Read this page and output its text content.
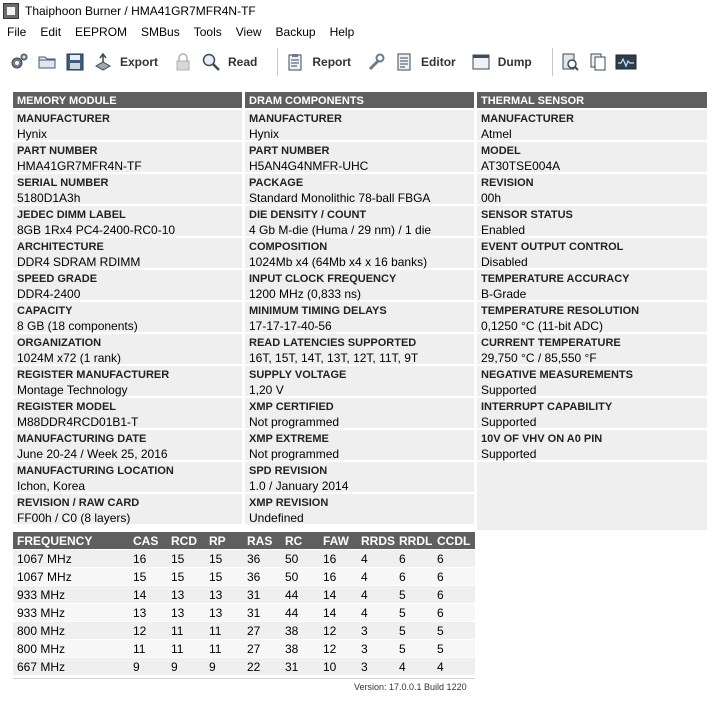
Thaiphoon Burner / HMA41GR7MFR4N-TF
File	Edit	EEPROM	SMBus	Tools	View	Backup	Help
Export	Read	Report	Editor	Dump
MEMORY MODULE
MANUFACTURER
Hynix
PART NUMBER
HMA41GR7MFR4N-TF
SERIAL NUMBER
5180D1A3h
JEDEC DIMM LABEL
8GB 1Rx4 PC4-2400-RC0-10
ARCHITECTURE
DDR4 SDRAM RDIMM
SPEED GRADE
DDR4-2400
CAPACITY
8 GB (18 components)
ORGANIZATION
1024M x72 (1 rank)
REGISTER MANUFACTURER
Montage Technology
REGISTER MODEL
M88DDR4RCD01B1-T
MANUFACTURING DATE
June 20-24 / Week 25, 2016
MANUFACTURING LOCATION
Ichon, Korea
REVISION / RAW CARD
FF00h / C0 (8 layers)
DRAM COMPONENTS
MANUFACTURER
Hynix
PART NUMBER
H5AN4G4NMFR-UHC
PACKAGE
Standard Monolithic 78-ball FBGA
DIE DENSITY / COUNT
4 Gb M-die (Huma / 29 nm) / 1 die
COMPOSITION
1024Mb x4 (64Mb x4 x 16 banks)
INPUT CLOCK FREQUENCY
1200 MHz (0,833 ns)
MINIMUM TIMING DELAYS
17-17-17-40-56
READ LATENCIES SUPPORTED
16T, 15T, 14T, 13T, 12T, 11T, 9T
SUPPLY VOLTAGE
1,20 V
XMP CERTIFIED
Not programmed
XMP EXTREME
Not programmed
SPD REVISION
1.0 / January 2014
XMP REVISION
Undefined
THERMAL SENSOR
MANUFACTURER
Atmel
MODEL
AT30TSE004A
REVISION
00h
SENSOR STATUS
Enabled
EVENT OUTPUT CONTROL
Disabled
TEMPERATURE ACCURACY
B-Grade
TEMPERATURE RESOLUTION
0,1250 °C (11-bit ADC)
CURRENT TEMPERATURE
29,750 °C / 85,550 °F
NEGATIVE MEASUREMENTS
Supported
INTERRUPT CAPABILITY
Supported
10V OF VHV ON A0 PIN
Supported
FREQUENCY	CAS	RCD	RP	RAS	RC	FAW	RRDS RRDL CCDL
1067 MHz	16	15	15	36	50	16	4	6	6
1067 MHz	15	15	15	36	50	16	4	6	6
933 MHz	14	13	13	31	44	14	4	5	6
933 MHz	13	13	13	31	44	14	4	5	6
800 MHz	12	11	11	27	38	12	3	5	5
800 MHz	11	11	11	27	38	12	3	5	5
667 MHz	9	9	9	22	31	10	3	4	4
Version: 17.0.0.1 Build 1220
